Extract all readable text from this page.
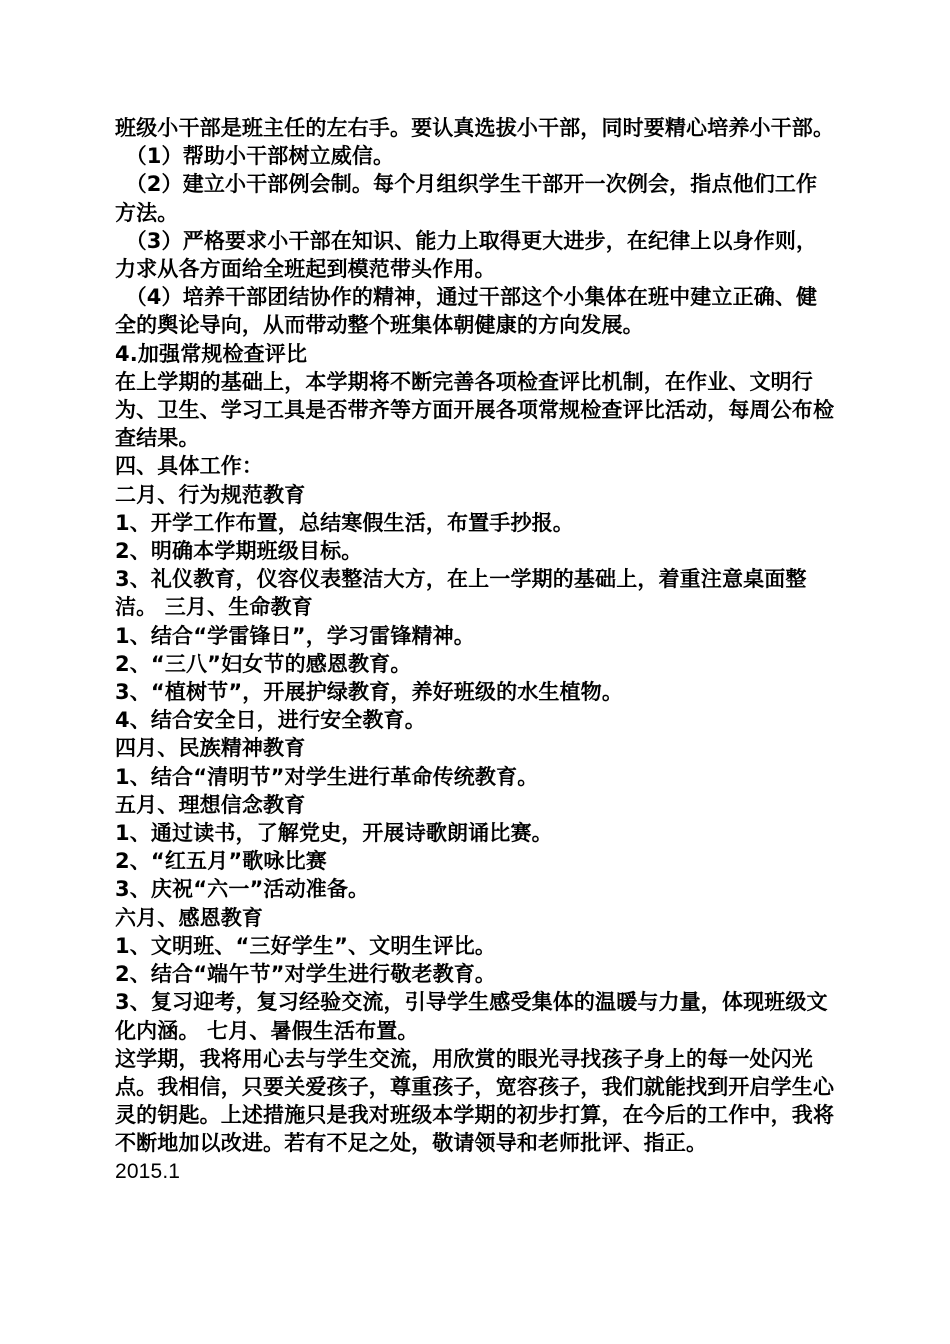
班级小干部是班主任的左右手。要认真选拔小干部，同时要精心培养小干部。

　（1）帮助小干部树立威信。

　（2）建立小干部例会制。每个月组织学生干部开一次例会，指点他们工作方法。

　（3）严格要求小干部在知识、能力上取得更大进步，在纪律上以身作则，力求从各方面给全班起到模范带头作用。

　（4）培养干部团结协作的精神，通过干部这个小集体在班中建立正确、健全的舆论导向，从而带动整个班集体朝健康的方向发展。

4.加强常规检查评比

在上学期的基础上，本学期将不断完善各项检查评比机制，在作业、文明行为、卫生、学习工具是否带齐等方面开展各项常规检查评比活动，每周公布检查结果。

四、具体工作：

二月、行为规范教育

1、开学工作布置，总结寒假生活，布置手抄报。

2、明确本学期班级目标。

3、礼仪教育，仪容仪表整洁大方，在上一学期的基础上，着重注意桌面整洁。 三月、生命教育

1、结合“学雷锋日”，学习雷锋精神。

2、“三八”妇女节的感恩教育。

3、“植树节”，开展护绿教育，养好班级的水生植物。

4、结合安全日，进行安全教育。

四月、民族精神教育

1、结合“清明节”对学生进行革命传统教育。

五月、理想信念教育

1、通过读书，了解党史，开展诗歌朗诵比赛。

2、“红五月”歌咏比赛

3、庆祝“六一”活动准备。

六月、感恩教育

1、文明班、“三好学生”、文明生评比。

2、结合“端午节”对学生进行敬老教育。

3、复习迎考，复习经验交流，引导学生感受集体的温暖与力量，体现班级文化内涵。 七月、暑假生活布置。

这学期，我将用心去与学生交流，用欣赏的眼光寻找孩子身上的每一处闪光点。我相信，只要关爱孩子，尊重孩子，宽容孩子，我们就能找到开启学生心灵的钥匙。上述措施只是我对班级本学期的初步打算，在今后的工作中，我将不断地加以改进。若有不足之处，敬请领导和老师批评、指正。

2015.1
